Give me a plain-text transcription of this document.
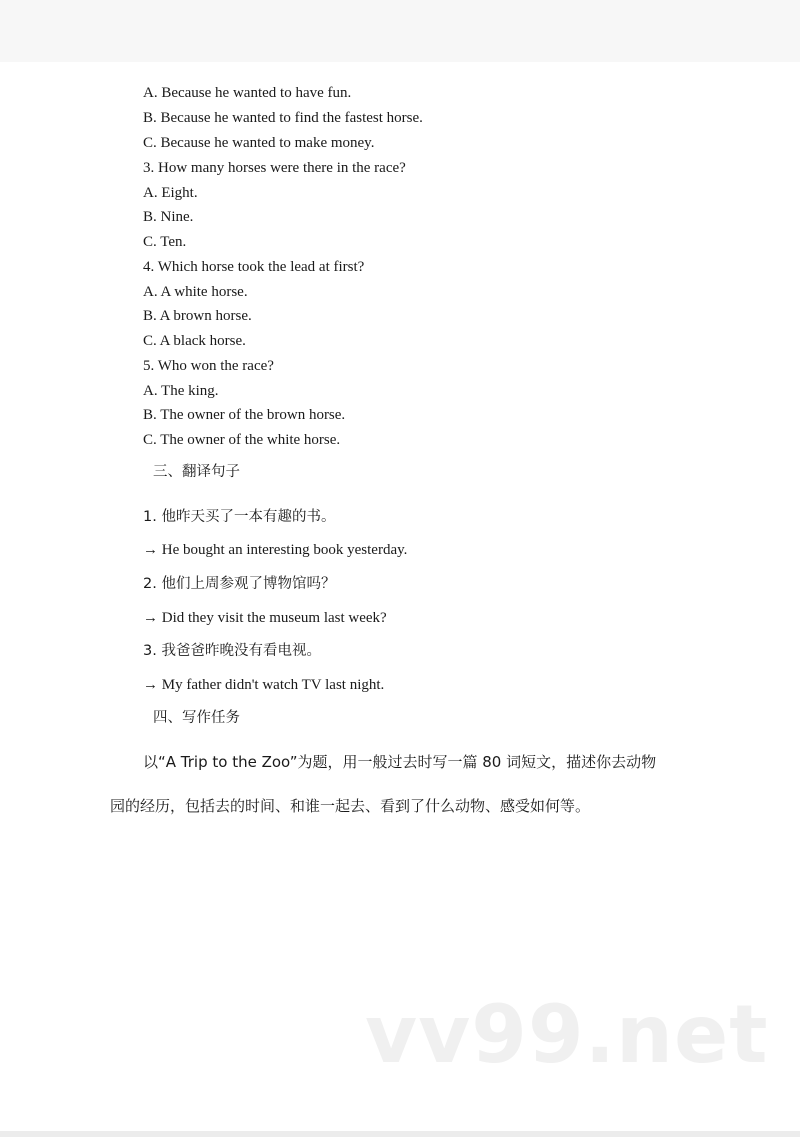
A. Because he wanted to have fun.
B. Because he wanted to find the fastest horse.
C. Because he wanted to make money.
3. How many horses were there in the race?
A. Eight.
B. Nine.
C. Ten.
4. Which horse took the lead at first?
A. A white horse.
B. A brown horse.
C. A black horse.
5. Who won the race?
A. The king.
B. The owner of the brown horse.
C. The owner of the white horse.
三、翻译句子
1. 他昨天买了一本有趣的书。
→ He bought an interesting book yesterday.
2. 他们上周参观了博物馆吗？
→ Did they visit the museum last week?
3. 我爸爸昨晚没有看电视。
→ My father didn't watch TV last night.
四、写作任务
以“A Trip to the Zoo”为题，用一般过去时写一篇 80 词短文，描述你去动物
园的经历，包括去的时间、和谁一起去、看到了什么动物、感受如何等。
vv99.net
